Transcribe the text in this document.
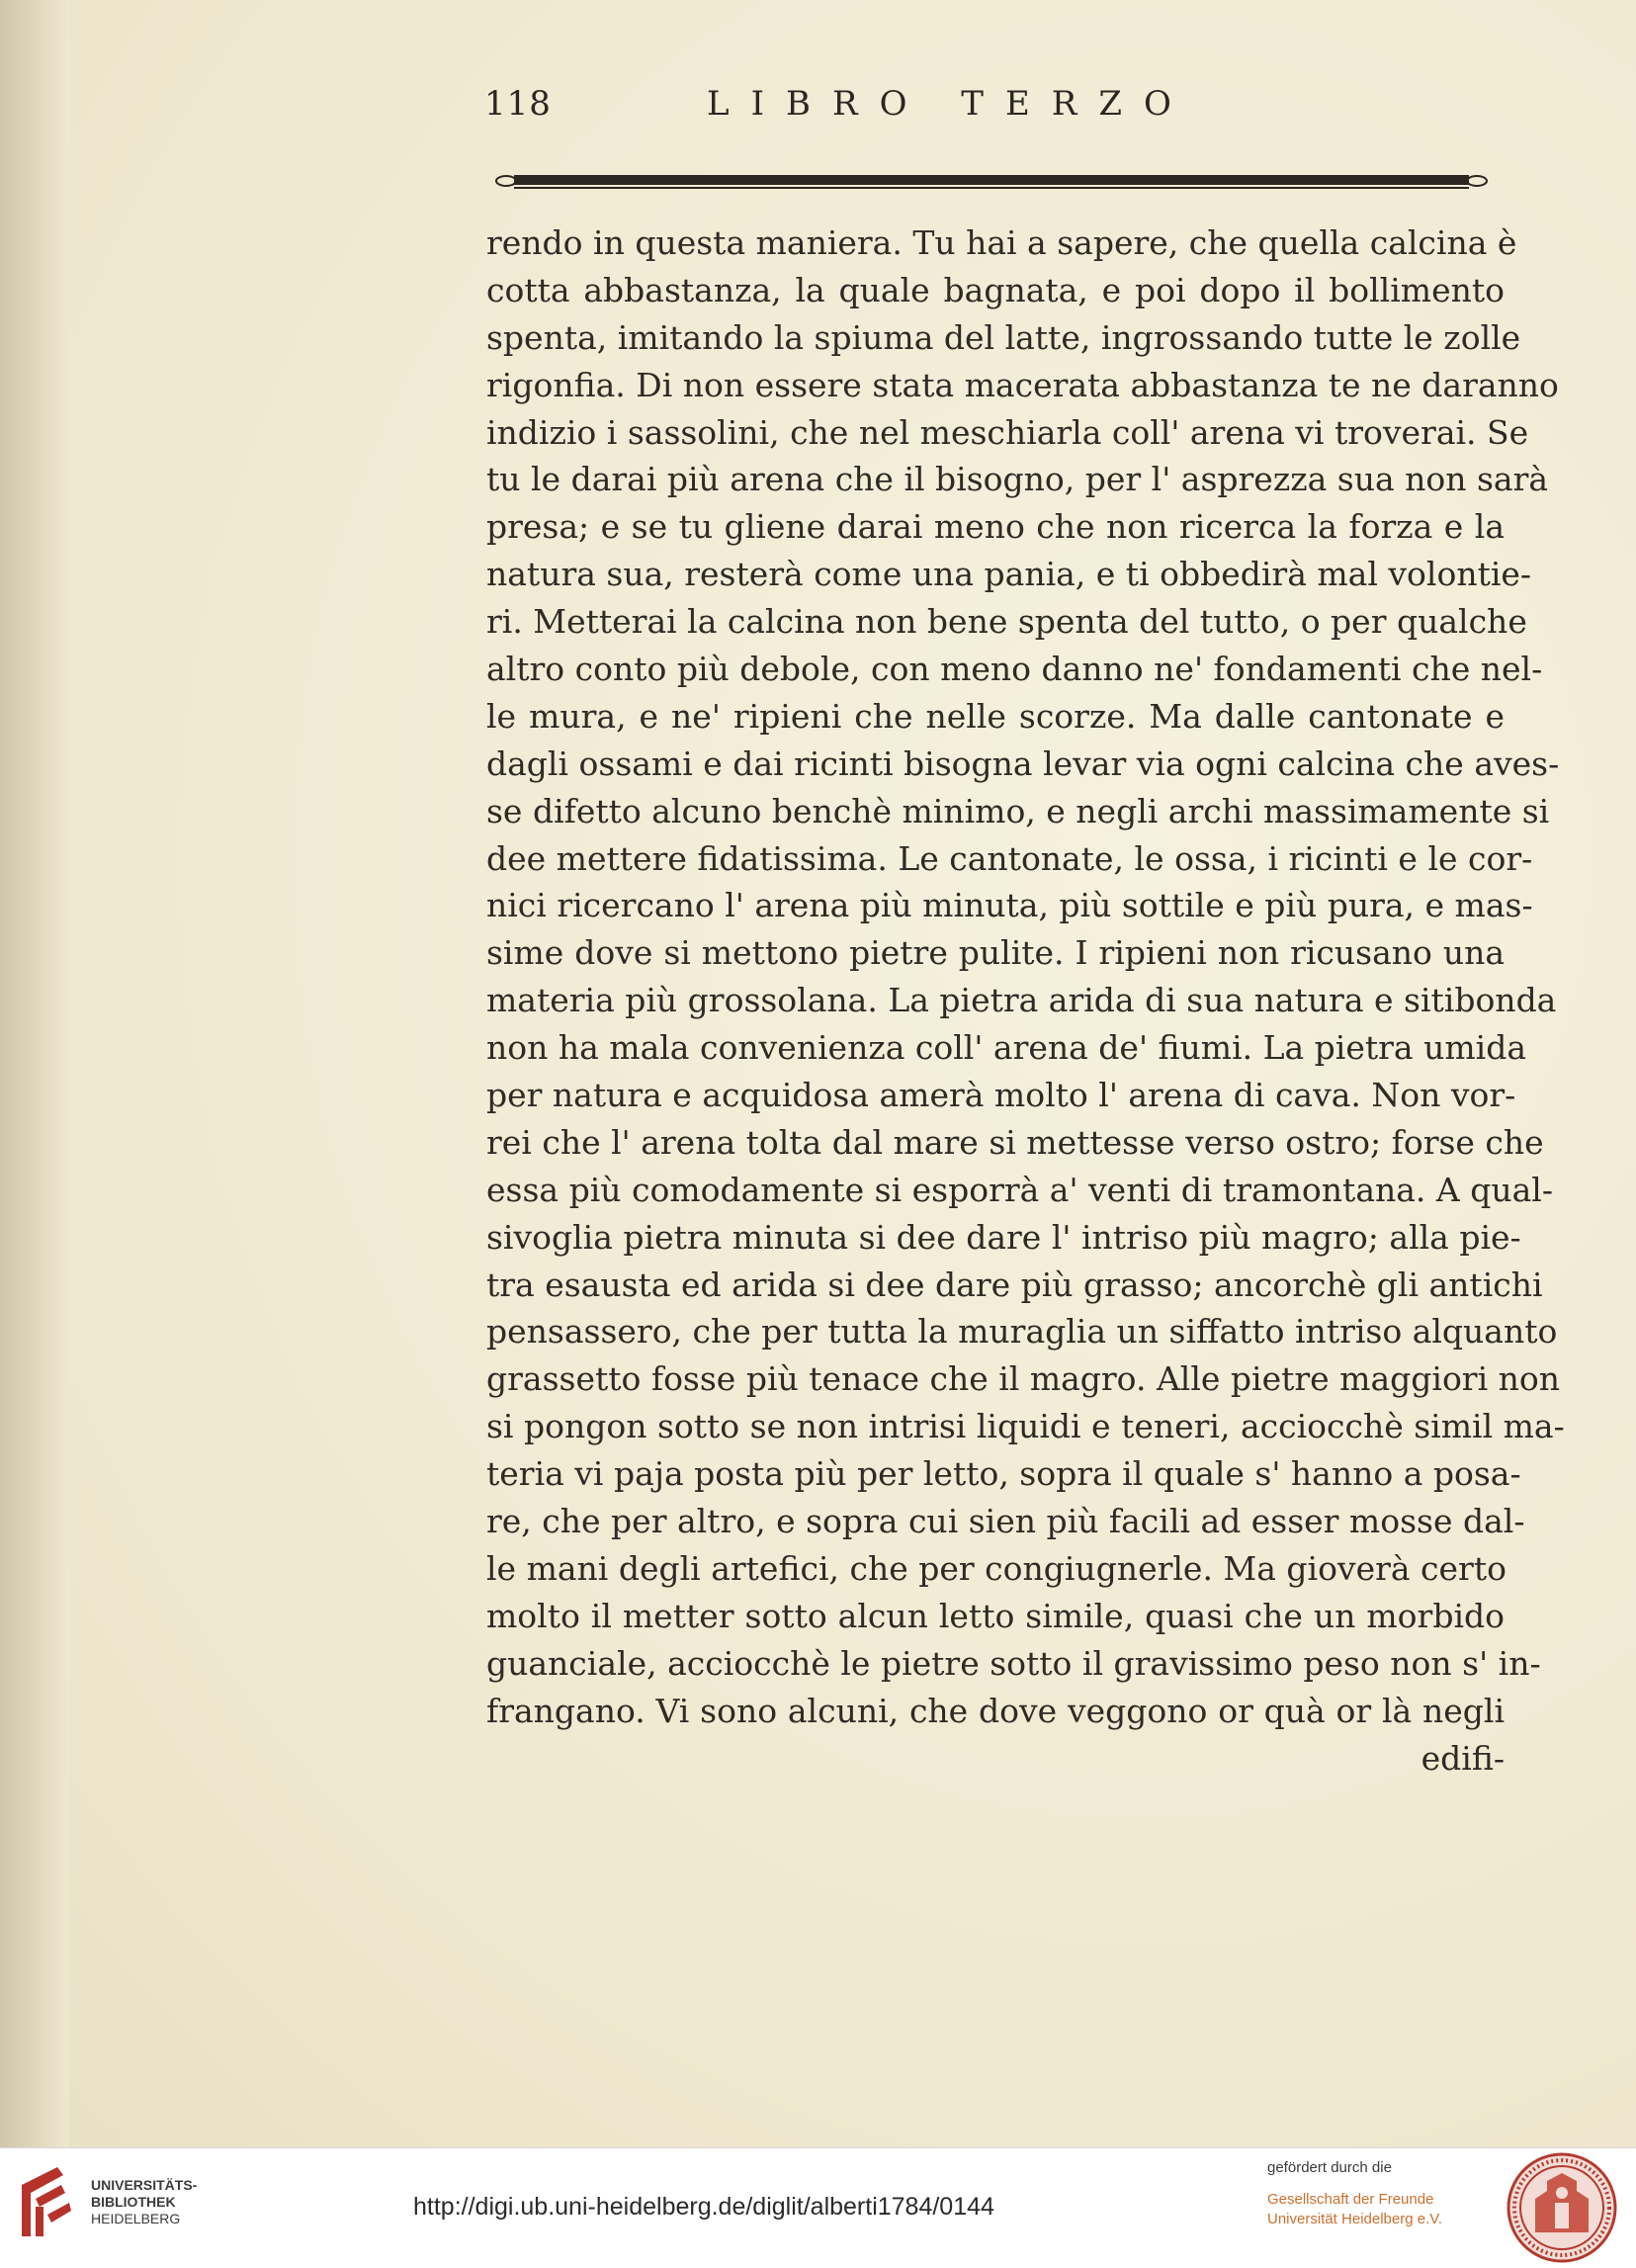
118	LIBRO TERZO
rendo in questa maniera. Tu hai a sapere, che quella calcina è
cotta abbastanza, la quale bagnata, e poi dopo il bollimento
spenta, imitando la spiuma del latte, ingrossando tutte le zolle
rigonfia. Di non essere stata macerata abbastanza te ne daranno
indizio i sassolini, che nel meschiarla coll' arena vi troverai. Se
tu le darai più arena che il bisogno, per l' asprezza sua non sarà
presa; e se tu gliene darai meno che non ricerca la forza e la
natura sua, resterà come una pania, e ti obbedirà mal volontie-
ri. Metterai la calcina non bene spenta del tutto, o per qualche
altro conto più debole, con meno danno ne' fondamenti che nel-
le mura, e ne' ripieni che nelle scorze. Ma dalle cantonate e
dagli ossami e dai ricinti bisogna levar via ogni calcina che aves-
se difetto alcuno benchè minimo, e negli archi massimamente si
dee mettere fidatissima. Le cantonate, le ossa, i ricinti e le cor-
nici ricercano l' arena più minuta, più sottile e più pura, e mas-
sime dove si mettono pietre pulite. I ripieni non ricusano una
materia più grossolana. La pietra arida di sua natura e sitibonda
non ha mala convenienza coll' arena de' fiumi. La pietra umida
per natura e acquidosa amerà molto l' arena di cava. Non vor-
rei che l' arena tolta dal mare si mettesse verso ostro; forse che
essa più comodamente si esporrà a' venti di tramontana. A qual-
sivoglia pietra minuta si dee dare l' intriso più magro; alla pie-
tra esausta ed arida si dee dare più grasso; ancorchè gli antichi
pensassero, che per tutta la muraglia un siffatto intriso alquanto
grassetto fosse più tenace che il magro. Alle pietre maggiori non
si pongon sotto se non intrisi liquidi e teneri, acciocchè simil ma-
teria vi paja posta più per letto, sopra il quale s' hanno a posa-
re, che per altro, e sopra cui sien più facili ad esser mosse dal-
le mani degli artefici, che per congiugnerle. Ma gioverà certo
molto il metter sotto alcun letto simile, quasi che un morbido
guanciale, acciocchè le pietre sotto il gravissimo peso non s' in-
frangano. Vi sono alcuni, che dove veggono or quà or là negli
edifi-
UNIVERSITÄTS-
BIBLIOTHEK
HEIDELBERG	http://digi.ub.uni-heidelberg.de/diglit/alberti1784/0144
gefördert durch die
Gesellschaft der Freunde
Universität Heidelberg e.V.
